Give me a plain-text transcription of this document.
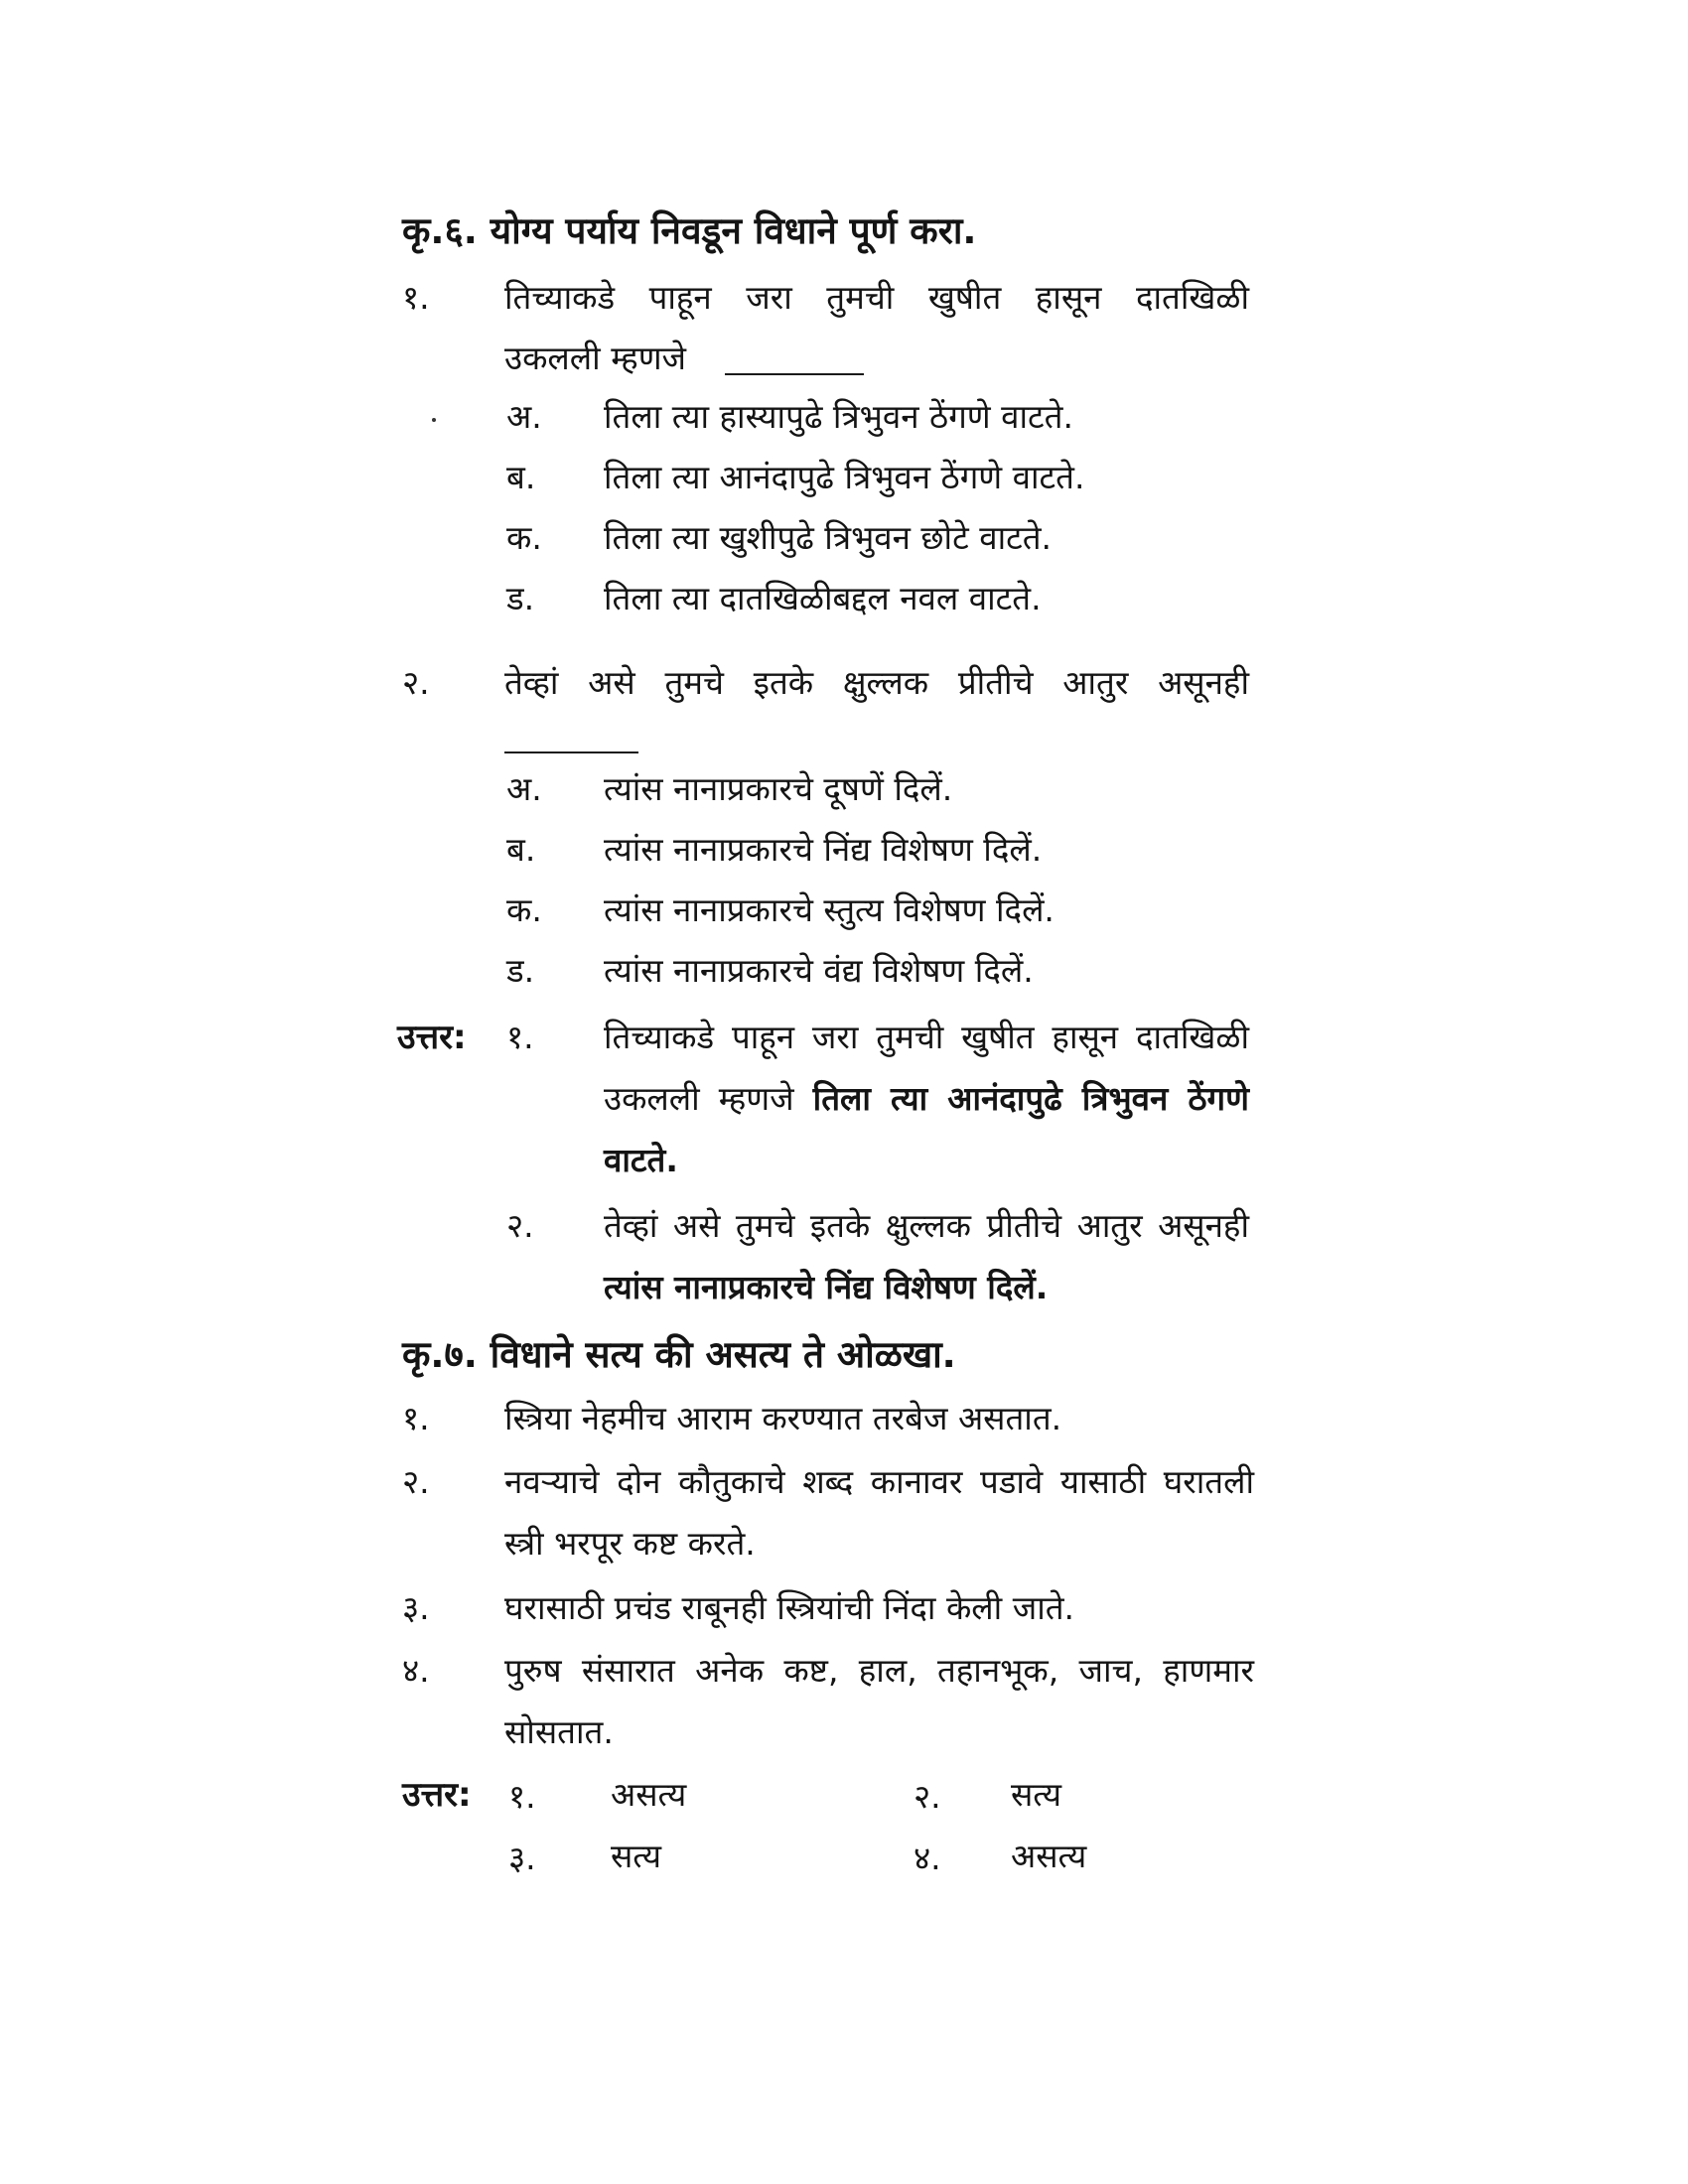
कृ.६. योग्य पर्याय निवडून विधाने पूर्ण करा.
१. तिच्याकडे पाहून जरा तुमची खुषीत हासून दातखिळी
उकलली म्हणजे
अ. तिला त्या हास्यापुढे त्रिभुवन ठेंगणे वाटते.
ब. तिला त्या आनंदापुढे त्रिभुवन ठेंगणे वाटते.
क. तिला त्या खुशीपुढे त्रिभुवन छोटे वाटते.
ड. तिला त्या दातखिळीबद्दल नवल वाटते.
२. तेव्हां असे तुमचे इतके क्षुल्लक प्रीतीचे आतुर असूनही
अ. त्यांस नानाप्रकारचे दूषणें दिलें.
ब. त्यांस नानाप्रकारचे निंद्य विशेषण दिलें.
क. त्यांस नानाप्रकारचे स्तुत्य विशेषण दिलें.
ड. त्यांस नानाप्रकारचे वंद्य विशेषण दिलें.
उत्तर: १. तिच्याकडे पाहून जरा तुमची खुषीत हासून दातखिळी उकलली म्हणजे तिला त्या आनंदापुढे त्रिभुवन ठेंगणे वाटते.
२. तेव्हां असे तुमचे इतके क्षुल्लक प्रीतीचे आतुर असूनही त्यांस नानाप्रकारचे निंद्य विशेषण दिलें.
कृ.७. विधाने सत्य की असत्य ते ओळखा.
१. स्त्रिया नेहमीच आराम करण्यात तरबेज असतात.
२. नवऱ्याचे दोन कौतुकाचे शब्द कानावर पडावे यासाठी घरातली स्त्री भरपूर कष्ट करते.
३. घरासाठी प्रचंड राबूनही स्त्रियांची निंदा केली जाते.
४. पुरुष संसारात अनेक कष्ट, हाल, तहानभूक, जाच, हाणमार सोसतात.
उत्तर: १. असत्य	२. सत्य
३. सत्य	४. असत्य
